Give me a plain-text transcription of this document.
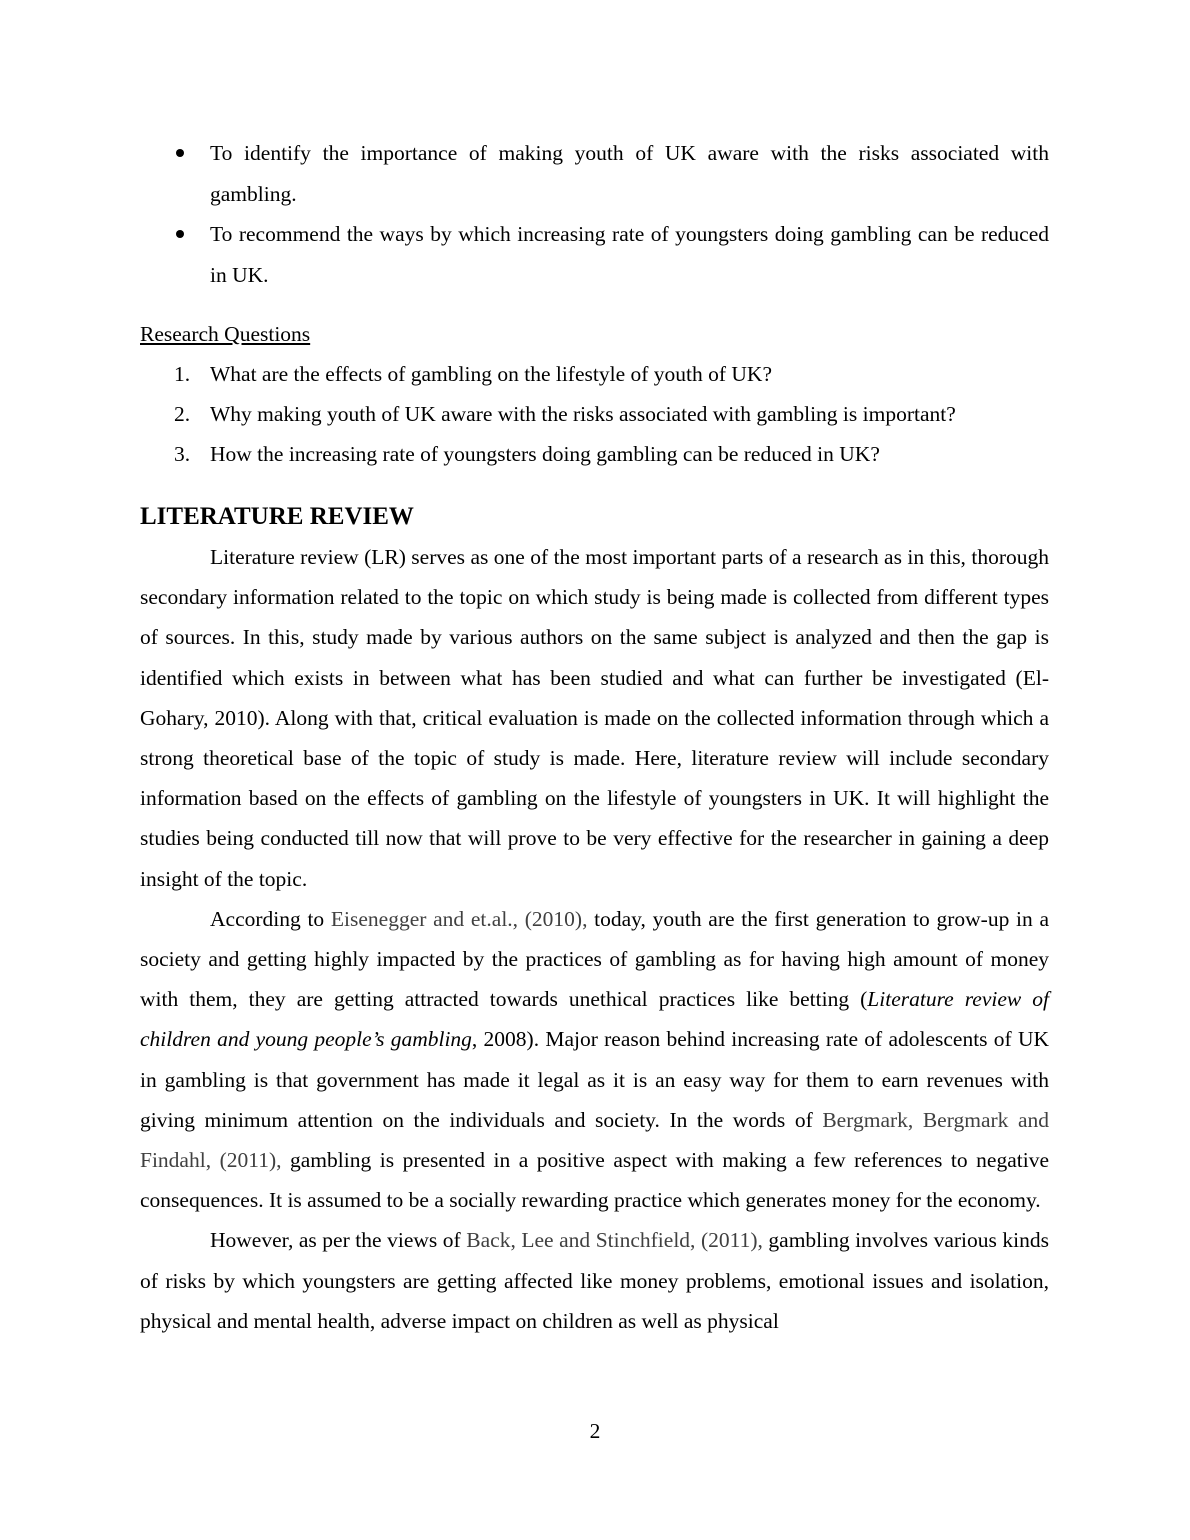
To identify the importance of making youth of UK aware with the risks associated with gambling.
To recommend the ways by which increasing rate of youngsters doing gambling can be reduced in UK.
Research Questions
1. What are the effects of gambling on the lifestyle of youth of UK?
2. Why making youth of UK aware with the risks associated with gambling is important?
3. How the increasing rate of youngsters doing gambling can be reduced in UK?
LITERATURE REVIEW

Literature review (LR) serves as one of the most important parts of a research as in this, thorough secondary information related to the topic on which study is being made is collected from different types of sources. In this, study made by various authors on the same subject is analyzed and then the gap is identified which exists in between what has been studied and what can further be investigated (El-Gohary, 2010). Along with that, critical evaluation is made on the collected information through which a strong theoretical base of the topic of study is made. Here, literature review will include secondary information based on the effects of gambling on the lifestyle of youngsters in UK. It will highlight the studies being conducted till now that will prove to be very effective for the researcher in gaining a deep insight of the topic.

According to Eisenegger and et.al., (2010), today, youth are the first generation to grow-up in a society and getting highly impacted by the practices of gambling as for having high amount of money with them, they are getting attracted towards unethical practices like betting (Literature review of children and young people’s gambling, 2008). Major reason behind increasing rate of adolescents of UK in gambling is that government has made it legal as it is an easy way for them to earn revenues with giving minimum attention on the individuals and society. In the words of Bergmark, Bergmark and Findahl, (2011), gambling is presented in a positive aspect with making a few references to negative consequences. It is assumed to be a socially rewarding practice which generates money for the economy.

However, as per the views of Back, Lee and Stinchfield, (2011), gambling involves various kinds of risks by which youngsters are getting affected like money problems, emotional issues and isolation, physical and mental health, adverse impact on children as well as physical

2
